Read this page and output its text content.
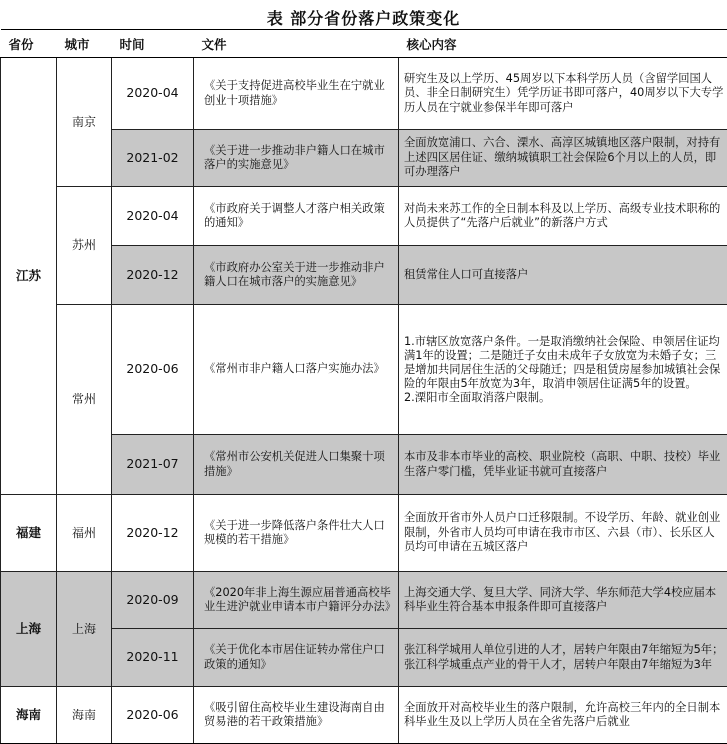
表 部分省份落户政策变化
省份	城市	时间	文件	核心内容
江苏	南京	2020-04	《关于支持促进高校毕业生在宁就业创业十项措施》	研究生及以上学历、45周岁以下本科学历人员（含留学回国人员、非全日制研究生）凭学历证书即可落户，40周岁以下大专学历人员在宁就业参保半年即可落户
		2021-02	《关于进一步推动非户籍人口在城市落户的实施意见》	全面放宽浦口、六合、溧水、高淳区城镇地区落户限制，对持有上述四区居住证、缴纳城镇职工社会保险6个月以上的人员，即可办理落户
	苏州	2020-04	《市政府关于调整人才落户相关政策的通知》	对尚未来苏工作的全日制本科及以上学历、高级专业技术职称的人员提供了“先落户后就业”的新落户方式
		2020-12	《市政府办公室关于进一步推动非户籍人口在城市落户的实施意见》	租赁常住人口可直接落户
	常州	2020-06	《常州市非户籍人口落户实施办法》	1.市辖区放宽落户条件。一是取消缴纳社会保险、申领居住证均满1年的设置；二是随迁子女由未成年子女放宽为未婚子女；三是增加共同居住生活的父母随迁；四是租赁房屋参加城镇社会保险的年限由5年放宽为3年，取消申领居住证满5年的设置。
2.溧阳市全面取消落户限制。
		2021-07	《常州市公安机关促进人口集聚十项措施》	本市及非本市毕业的高校、职业院校（高职、中职、技校）毕业生落户零门槛，凭毕业证书就可直接落户
福建	福州	2020-12	《关于进一步降低落户条件壮大人口规模的若干措施》	全面放开省市外人员户口迁移限制。不设学历、年龄、就业创业限制，外省市人员均可申请在我市市区、六县（市）、长乐区人员均可申请在五城区落户
上海	上海	2020-09	《2020年非上海生源应届普通高校毕业生进沪就业申请本市户籍评分办法》	上海交通大学、复旦大学、同济大学、华东师范大学4校应届本科毕业生符合基本申报条件即可直接落户
		2020-11	《关于优化本市居住证转办常住户口政策的通知》	张江科学城用人单位引进的人才，居转户年限由7年缩短为5年；张江科学城重点产业的骨干人才，居转户年限由7年缩短为3年
海南	海南	2020-06	《吸引留住高校毕业生建设海南自由贸易港的若干政策措施》	全面放开对高校毕业生的落户限制，允许高校三年内的全日制本科毕业生及以上学历人员在全省先落户后就业
